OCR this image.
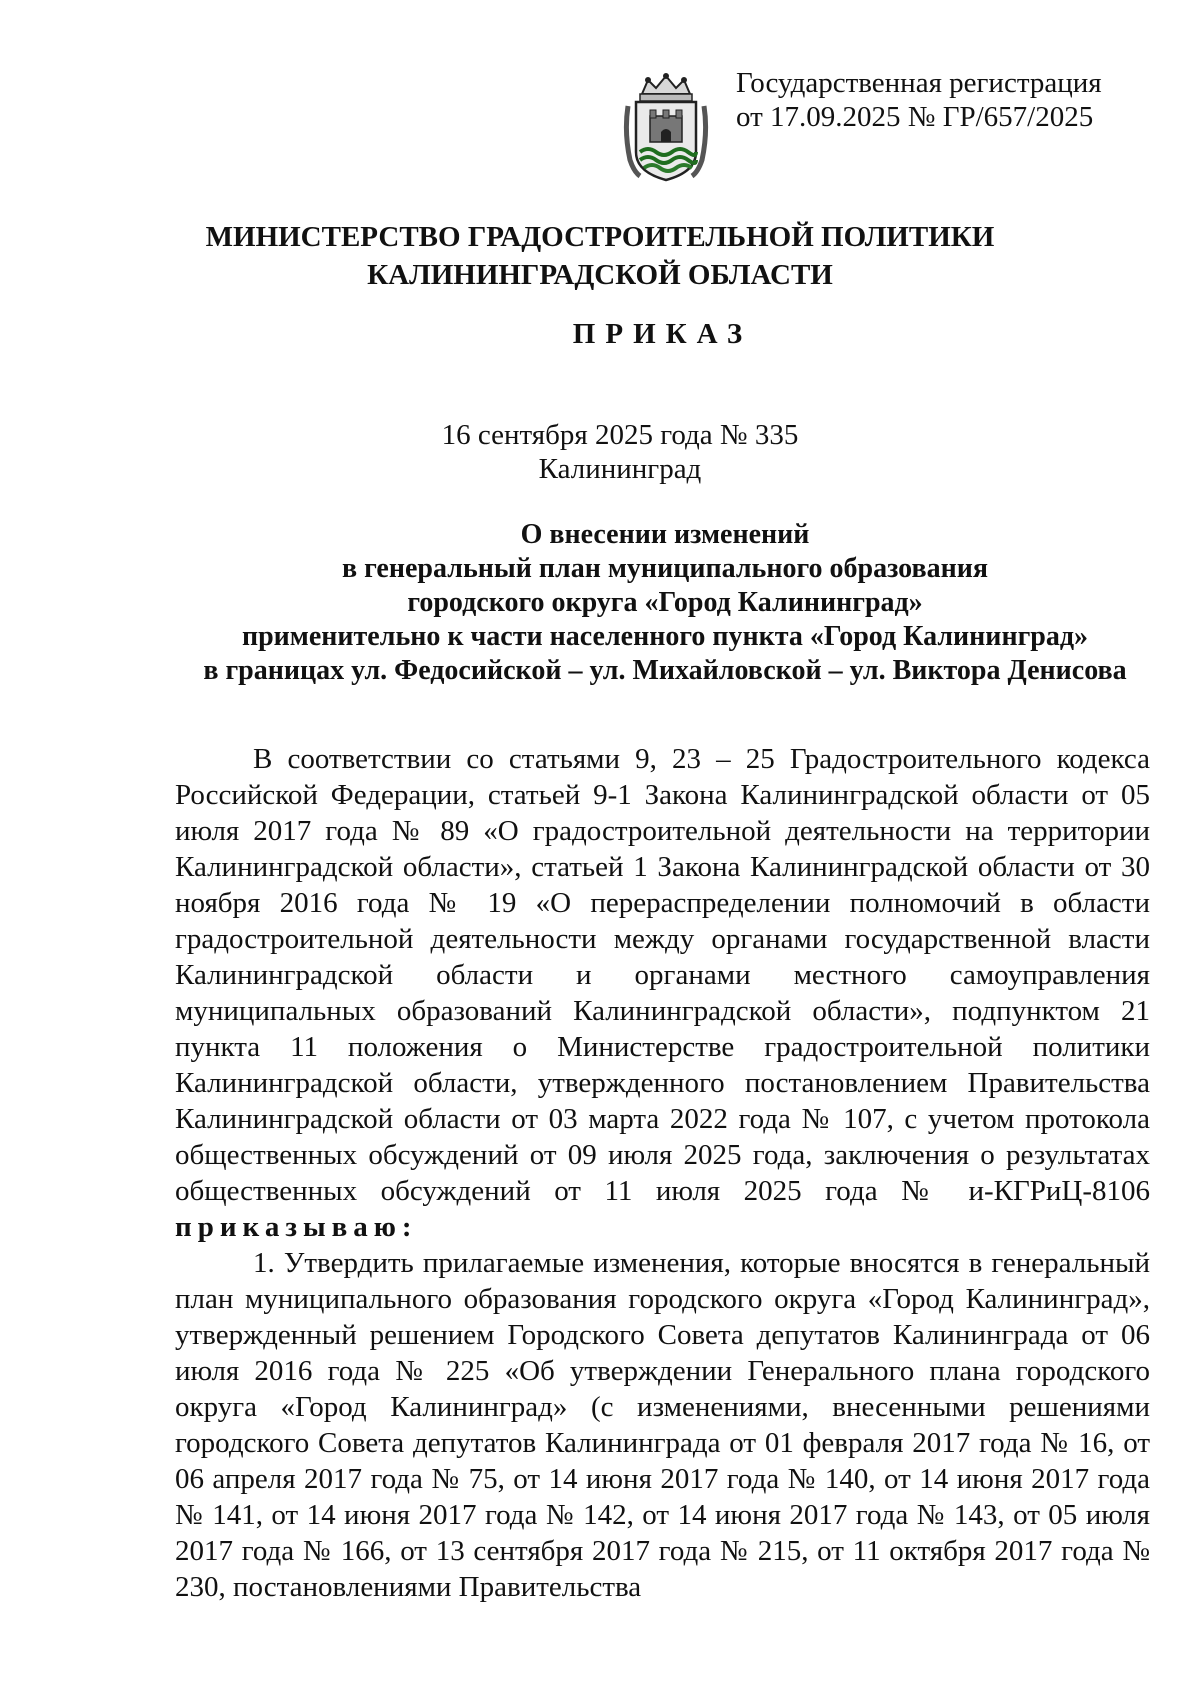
Государственная регистрация
от 17.09.2025 № ГР/657/2025
МИНИСТЕРСТВО ГРАДОСТРОИТЕЛЬНОЙ ПОЛИТИКИ
КАЛИНИНГРАДСКОЙ ОБЛАСТИ
ПРИКАЗ
16 сентября 2025 года № 335
Калининград
О внесении изменений
в генеральный план муниципального образования
городского округа «Город Калининград»
применительно к части населенного пункта «Город Калининград»
в границах ул. Федосийской – ул. Михайловской – ул. Виктора Денисова

В соответствии со статьями 9, 23 – 25 Градостроительного кодекса Российской Федерации, статьей 9-1 Закона Калининградской области от 05 июля 2017 года № 89 «О градостроительной деятельности на территории Калининградской области», статьей 1 Закона Калининградской области от 30 ноября 2016 года № 19 «О перераспределении полномочий в области градостроительной деятельности между органами государственной власти Калининградской области и органами местного самоуправления муниципальных образований Калининградской области», подпунктом 21 пункта 11 положения о Министерстве градостроительной политики Калининградской области, утвержденного постановлением Правительства Калининградской области от 03 марта 2022 года № 107, с учетом протокола общественных обсуждений от 09 июля 2025 года, заключения о результатах общественных обсуждений от 11 июля 2025 года № и-КГРиЦ-8106 приказываю:

1. Утвердить прилагаемые изменения, которые вносятся в генеральный план муниципального образования городского округа «Город Калининград», утвержденный решением Городского Совета депутатов Калининграда от 06 июля 2016 года № 225 «Об утверждении Генерального плана городского округа «Город Калининград» (с изменениями, внесенными решениями городского Совета депутатов Калининграда от 01 февраля 2017 года № 16, от 06 апреля 2017 года № 75, от 14 июня 2017 года № 140, от 14 июня 2017 года № 141, от 14 июня 2017 года № 142, от 14 июня 2017 года № 143, от 05 июля 2017 года № 166, от 13 сентября 2017 года № 215, от 11 октября 2017 года № 230, постановлениями Правительства
